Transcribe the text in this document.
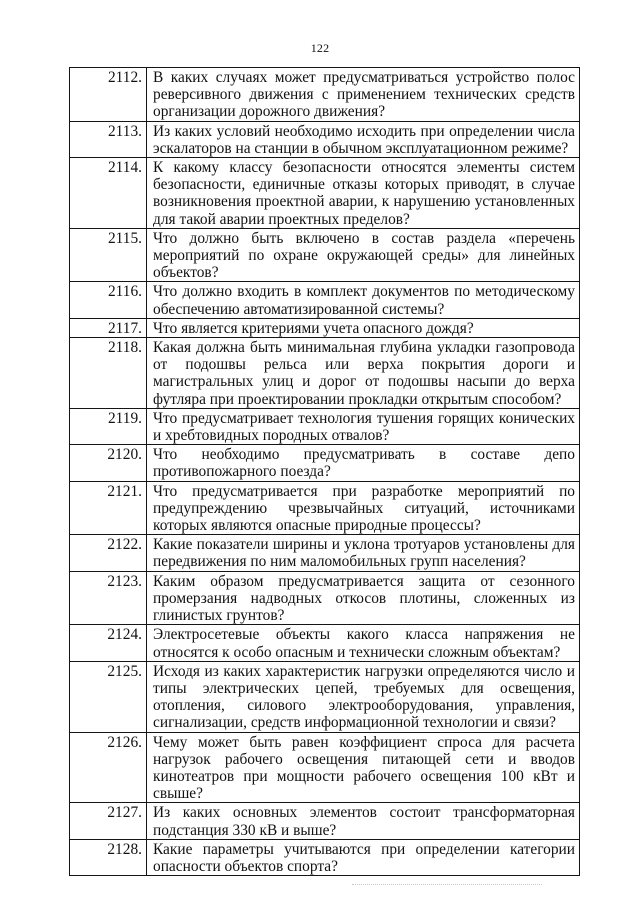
122
2112.	В каких случаях может предусматриваться устройство полос реверсивного движения с применением технических средств организации дорожного движения?
2113.	Из каких условий необходимо исходить при определении числа эскалаторов на станции в обычном эксплуатационном режиме?
2114.	К какому классу безопасности относятся элементы систем безопасности, единичные отказы которых приводят, в случае возникновения проектной аварии, к нарушению установленных для такой аварии проектных пределов?
2115.	Что должно быть включено в состав раздела «перечень мероприятий по охране окружающей среды» для линейных объектов?
2116.	Что должно входить в комплект документов по методическому обеспечению автоматизированной системы?
2117.	Что является критериями учета опасного дождя?
2118.	Какая должна быть минимальная глубина укладки газопровода от подошвы рельса или верха покрытия дороги и магистральных улиц и дорог от подошвы насыпи до верха футляра при проектировании прокладки открытым способом?
2119.	Что предусматривает технология тушения горящих конических и хребтовидных породных отвалов?
2120.	Что необходимо предусматривать в составе депо противопожарного поезда?
2121.	Что предусматривается при разработке мероприятий по предупреждению чрезвычайных ситуаций, источниками которых являются опасные природные процессы?
2122.	Какие показатели ширины и уклона тротуаров установлены для передвижения по ним маломобильных групп населения?
2123.	Каким образом предусматривается защита от сезонного промерзания надводных откосов плотины, сложенных из глинистых грунтов?
2124.	Электросетевые объекты какого класса напряжения не относятся к особо опасным и технически сложным объектам?
2125.	Исходя из каких характеристик нагрузки определяются число и типы электрических цепей, требуемых для освещения, отопления, силового электрооборудования, управления, сигнализации, средств информационной технологии и связи?
2126.	Чему может быть равен коэффициент спроса для расчета нагрузок рабочего освещения питающей сети и вводов кинотеатров при мощности рабочего освещения 100 кВт и свыше?
2127.	Из каких основных элементов состоит трансформаторная подстанция 330 кВ и выше?
2128.	Какие параметры учитываются при определении категории опасности объектов спорта?
